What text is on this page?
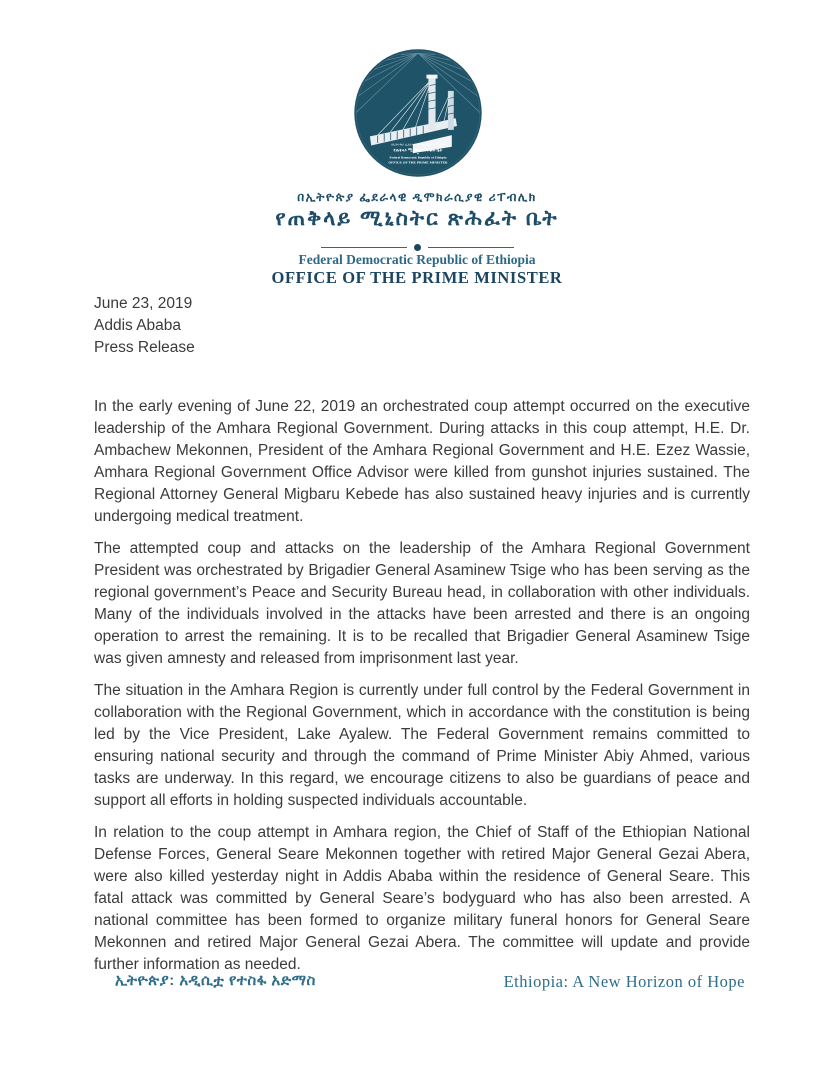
በኢትዮጵያ ፌደራላዊ ዲሞክራሲያዊ ሪፐብሊክ
የጠቅላይ ሚኒስትር ጽሕፈት ቤት
Federal Democratic Republic of Ethiopia
OFFICE OF THE PRIME MINISTER
በኢትዮጵያ ፌደራላዊ ዲሞክራሲያዊ ሪፐብሊክ
የጠቅላይ ሚኒስትር ጽሕፈት ቤት
Federal Democratic Republic of Ethiopia
OFFICE OF THE PRIME MINISTER
June 23, 2019
Addis Ababa
Press Release

In the early evening of June 22, 2019 an orchestrated coup attempt occurred on the executive leadership of the Amhara Regional Government. During attacks in this coup attempt, H.E. Dr. Ambachew Mekonnen, President of the Amhara Regional Government and H.E. Ezez Wassie, Amhara Regional Government Office Advisor were killed from gunshot injuries sustained. The Regional Attorney General Migbaru Kebede has also sustained heavy injuries and is currently undergoing medical treatment.

The attempted coup and attacks on the leadership of the Amhara Regional Government President was orchestrated by Brigadier General Asaminew Tsige who has been serving as the regional government’s Peace and Security Bureau head, in collaboration with other individuals. Many of the individuals involved in the attacks have been arrested and there is an ongoing operation to arrest the remaining. It is to be recalled that Brigadier General Asaminew Tsige was given amnesty and released from imprisonment last year.

The situation in the Amhara Region is currently under full control by the Federal Government in collaboration with the Regional Government, which in accordance with the constitution is being led by the Vice President, Lake Ayalew. The Federal Government remains committed to ensuring national security and through the command of Prime Minister Abiy Ahmed, various tasks are underway. In this regard, we encourage citizens to also be guardians of peace and support all efforts in holding suspected individuals accountable.

In relation to the coup attempt in Amhara region, the Chief of Staff of the Ethiopian National Defense Forces, General Seare Mekonnen together with retired Major General Gezai Abera, were also killed yesterday night in Addis Ababa within the residence of General Seare. This fatal attack was committed by General Seare’s bodyguard who has also been arrested. A national committee has been formed to organize military funeral honors for General Seare Mekonnen and retired Major General Gezai Abera. The committee will update and provide further information as needed.

ኢትዮጵያ: አዲሲቷ የተስፋ አድማስ	Ethiopia: A New Horizon of Hope
